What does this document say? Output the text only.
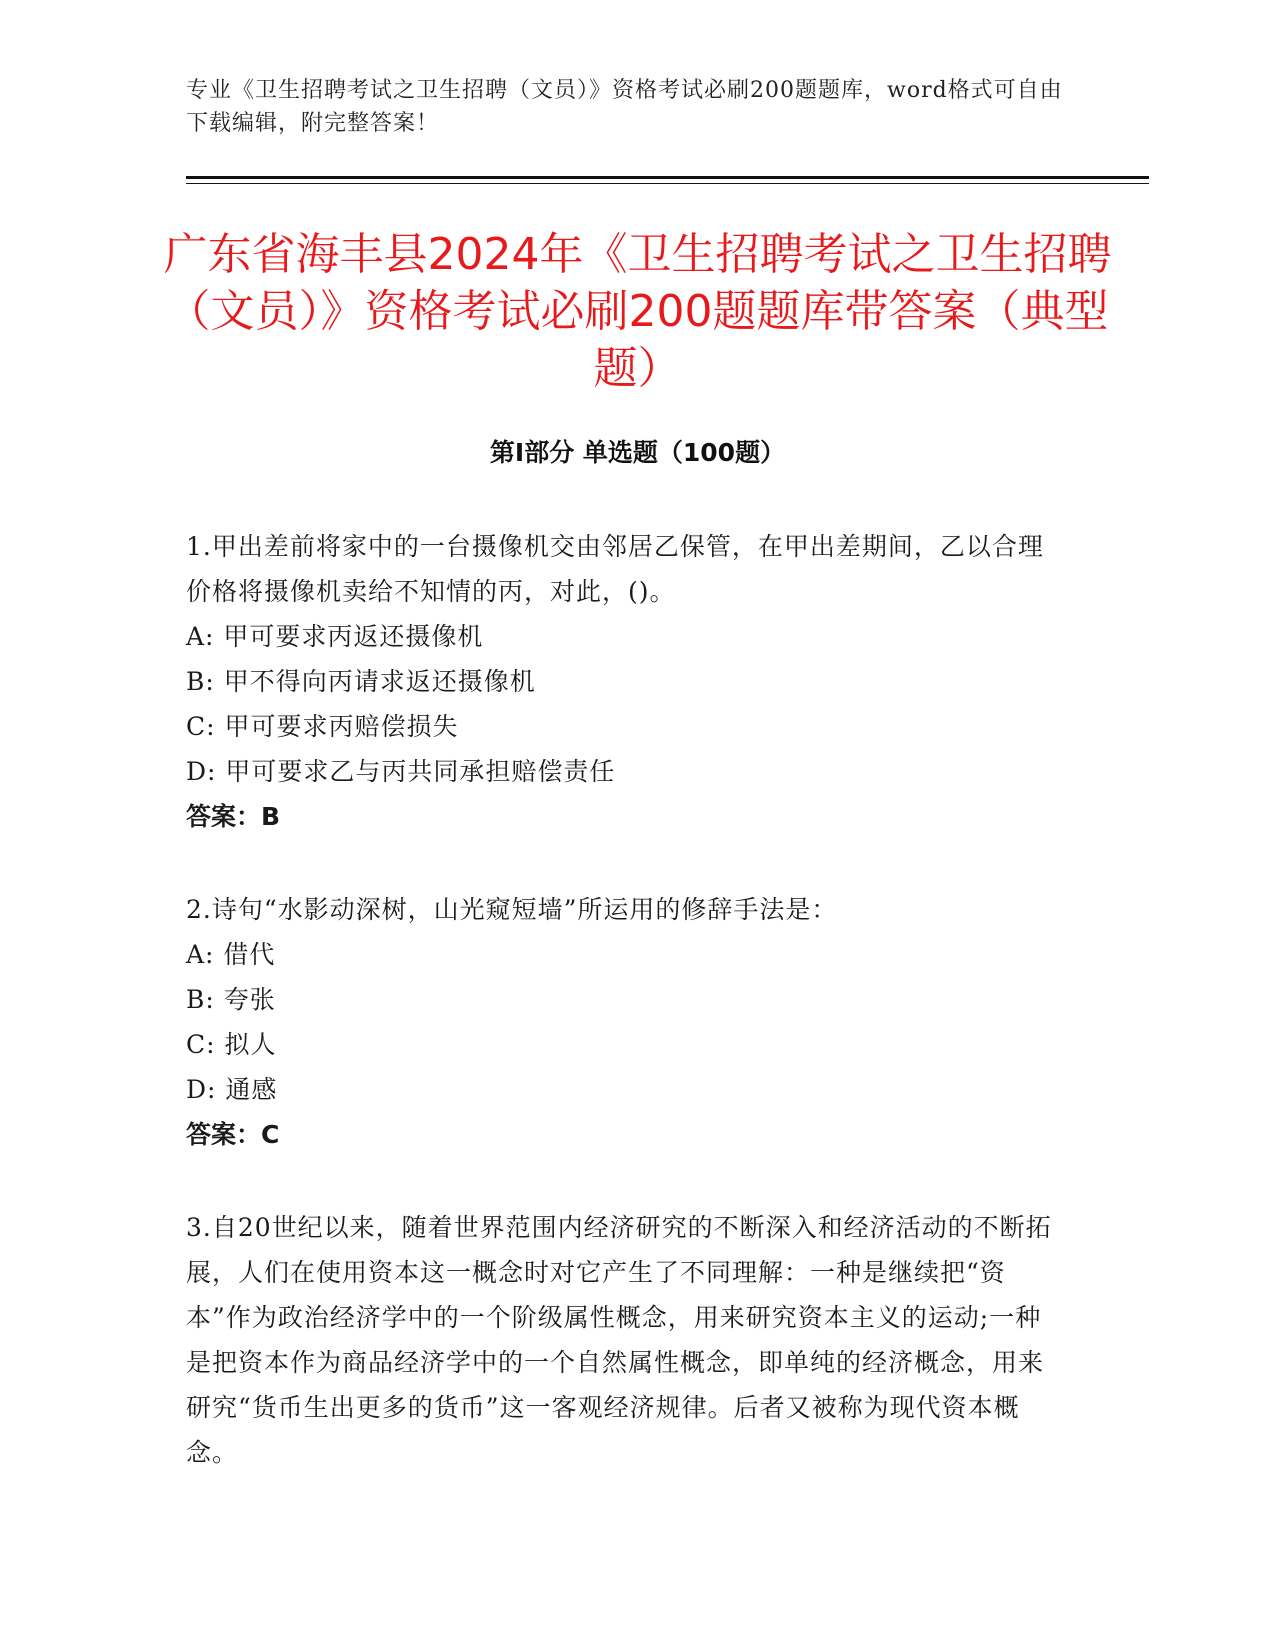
专业《卫生招聘考试之卫生招聘（文员）》资格考试必刷200题题库，word格式可自由下载编辑，附完整答案！
广东省海丰县2024年《卫生招聘考试之卫生招聘（文员）》资格考试必刷200题题库带答案（典型题）
第Ⅰ部分 单选题（100题）
1.甲出差前将家中的一台摄像机交由邻居乙保管，在甲出差期间，乙以合理价格将摄像机卖给不知情的丙，对此，()。
A: 甲可要求丙返还摄像机
B: 甲不得向丙请求返还摄像机
C: 甲可要求丙赔偿损失
D: 甲可要求乙与丙共同承担赔偿责任
答案：B
2.诗句“水影动深树，山光窥短墙”所运用的修辞手法是：
A: 借代
B: 夸张
C: 拟人
D: 通感
答案：C
3.自20世纪以来，随着世界范围内经济研究的不断深入和经济活动的不断拓展，人们在使用资本这一概念时对它产生了不同理解：一种是继续把“资本”作为政治经济学中的一个阶级属性概念，用来研究资本主义的运动;一种是把资本作为商品经济学中的一个自然属性概念，即单纯的经济概念，用来研究“货币生出更多的货币”这一客观经济规律。后者又被称为现代资本概念。
